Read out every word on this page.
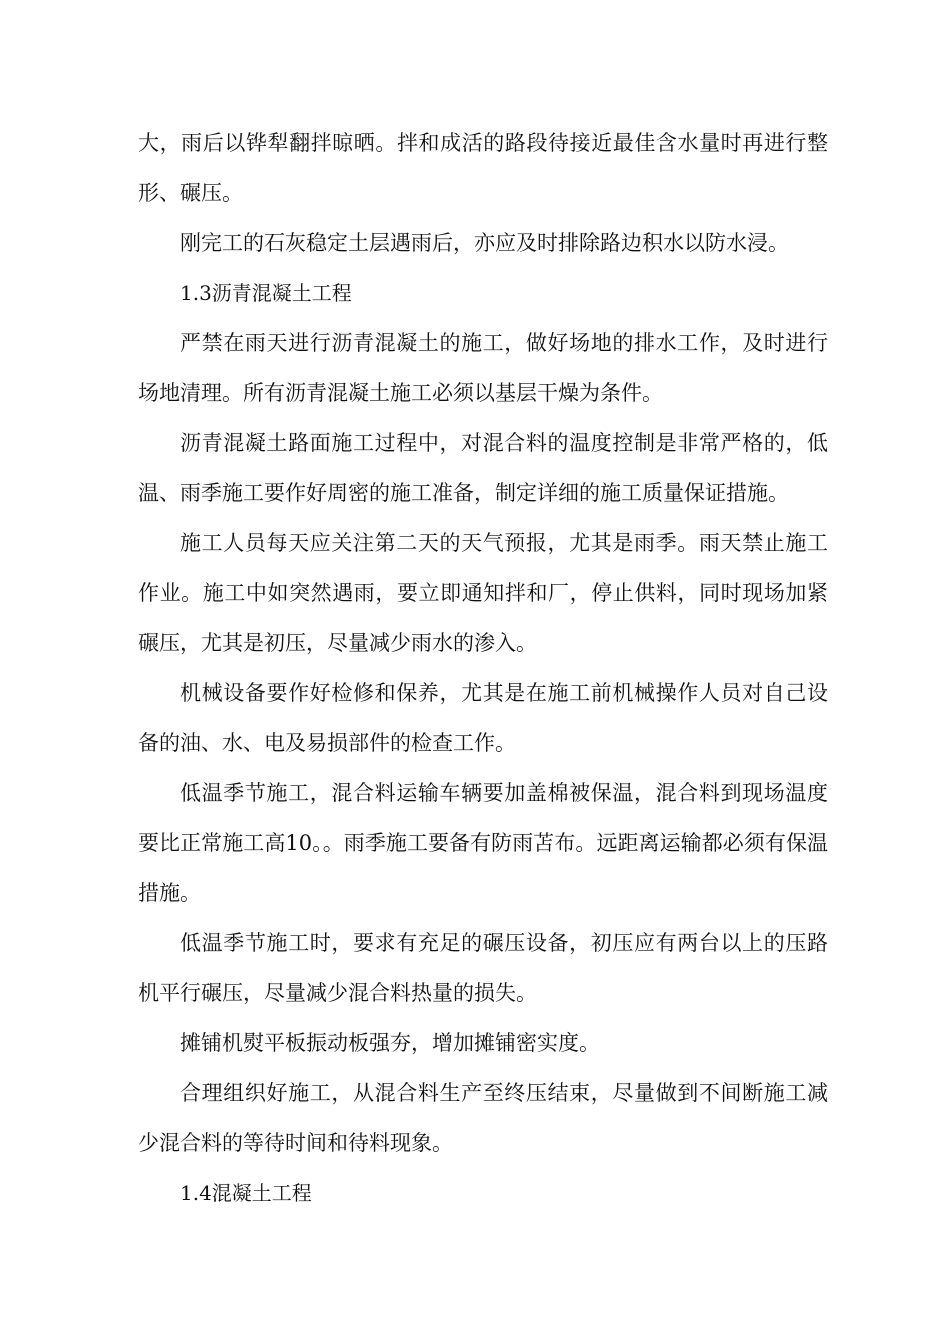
大，雨后以铧犁翻拌晾晒。拌和成活的路段待接近最佳含水量时再进行整形、碾压。

刚完工的石灰稳定土层遇雨后，亦应及时排除路边积水以防水浸。

1.3沥青混凝土工程

严禁在雨天进行沥青混凝土的施工，做好场地的排水工作，及时进行场地清理。所有沥青混凝土施工必须以基层干燥为条件。

沥青混凝土路面施工过程中，对混合料的温度控制是非常严格的，低温、雨季施工要作好周密的施工准备，制定详细的施工质量保证措施。

施工人员每天应关注第二天的天气预报，尤其是雨季。雨天禁止施工作业。施工中如突然遇雨，要立即通知拌和厂，停止供料，同时现场加紧碾压，尤其是初压，尽量减少雨水的渗入。

机械设备要作好检修和保养，尤其是在施工前机械操作人员对自己设备的油、水、电及易损部件的检查工作。

低温季节施工，混合料运输车辆要加盖棉被保温，混合料到现场温度要比正常施工高10。。雨季施工要备有防雨苫布。远距离运输都必须有保温措施。

低温季节施工时，要求有充足的碾压设备，初压应有两台以上的压路机平行碾压，尽量减少混合料热量的损失。

摊铺机熨平板振动板强夯，增加摊铺密实度。

合理组织好施工，从混合料生产至终压结束，尽量做到不间断施工减少混合料的等待时间和待料现象。

1.4混凝土工程
